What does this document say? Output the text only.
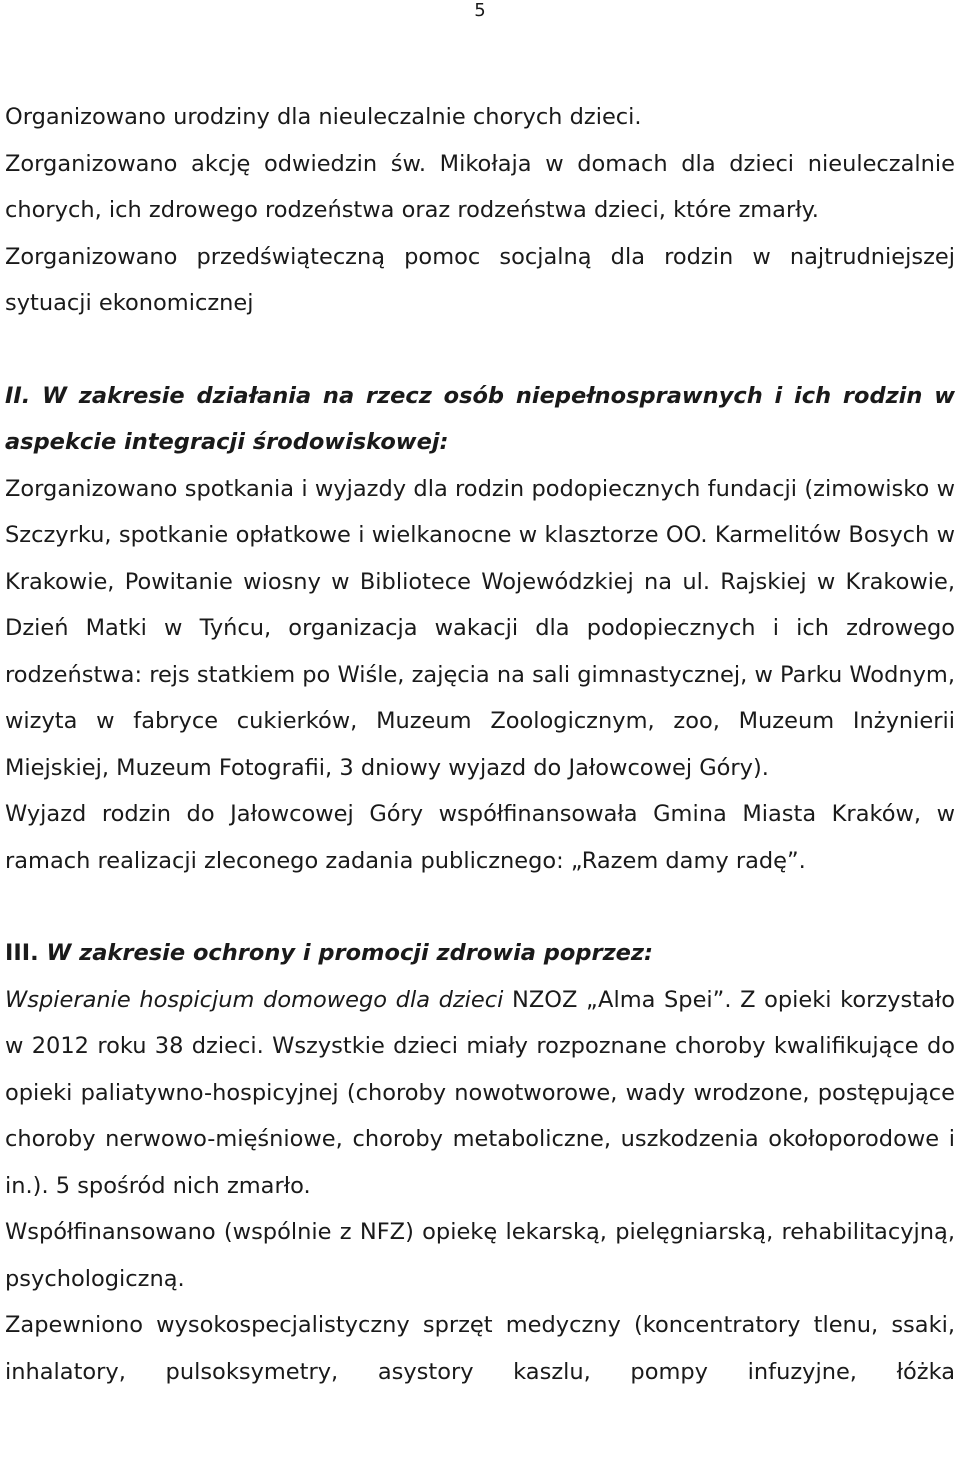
5

Organizowano urodziny dla nieuleczalnie chorych dzieci.

Zorganizowano akcję odwiedzin św. Mikołaja w domach dla dzieci nieuleczalnie chorych, ich zdrowego rodzeństwa oraz rodzeństwa dzieci, które zmarły.

Zorganizowano przedświąteczną pomoc socjalną dla rodzin w najtrudniejszej sytuacji ekonomicznej

II. W zakresie działania na rzecz osób niepełnosprawnych i ich rodzin w aspekcie integracji środowiskowej:

Zorganizowano spotkania i wyjazdy dla rodzin podopiecznych fundacji (zimowisko w Szczyrku, spotkanie opłatkowe i wielkanocne w klasztorze OO. Karmelitów Bosych w Krakowie, Powitanie wiosny w Bibliotece Wojewódzkiej na ul. Rajskiej w Krakowie, Dzień Matki w Tyńcu, organizacja wakacji dla podopiecznych i ich zdrowego rodzeństwa: rejs statkiem po Wiśle, zajęcia na sali gimnastycznej, w Parku Wodnym, wizyta w fabryce cukierków, Muzeum Zoologicznym, zoo, Muzeum Inżynierii Miejskiej, Muzeum Fotografii, 3 dniowy wyjazd do Jałowcowej Góry).

Wyjazd rodzin do Jałowcowej Góry współfinansowała Gmina Miasta Kraków, w ramach realizacji zleconego zadania publicznego: „Razem damy radę”.

III. W zakresie ochrony i promocji zdrowia poprzez:

Wspieranie hospicjum domowego dla dzieci NZOZ „Alma Spei”. Z opieki korzystało w 2012 roku 38 dzieci. Wszystkie dzieci miały rozpoznane choroby kwalifikujące do opieki paliatywno-hospicyjnej (choroby nowotworowe, wady wrodzone, postępujące choroby nerwowo-mięśniowe, choroby metaboliczne, uszkodzenia okołoporodowe i in.). 5 spośród nich zmarło.

Współfinansowano (wspólnie z NFZ) opiekę lekarską, pielęgniarską, rehabilitacyjną, psychologiczną.

Zapewniono wysokospecjalistyczny sprzęt medyczny (koncentratory tlenu, ssaki, inhalatory, pulsoksymetry, asystory kaszlu, pompy infuzyjne, łóżka
